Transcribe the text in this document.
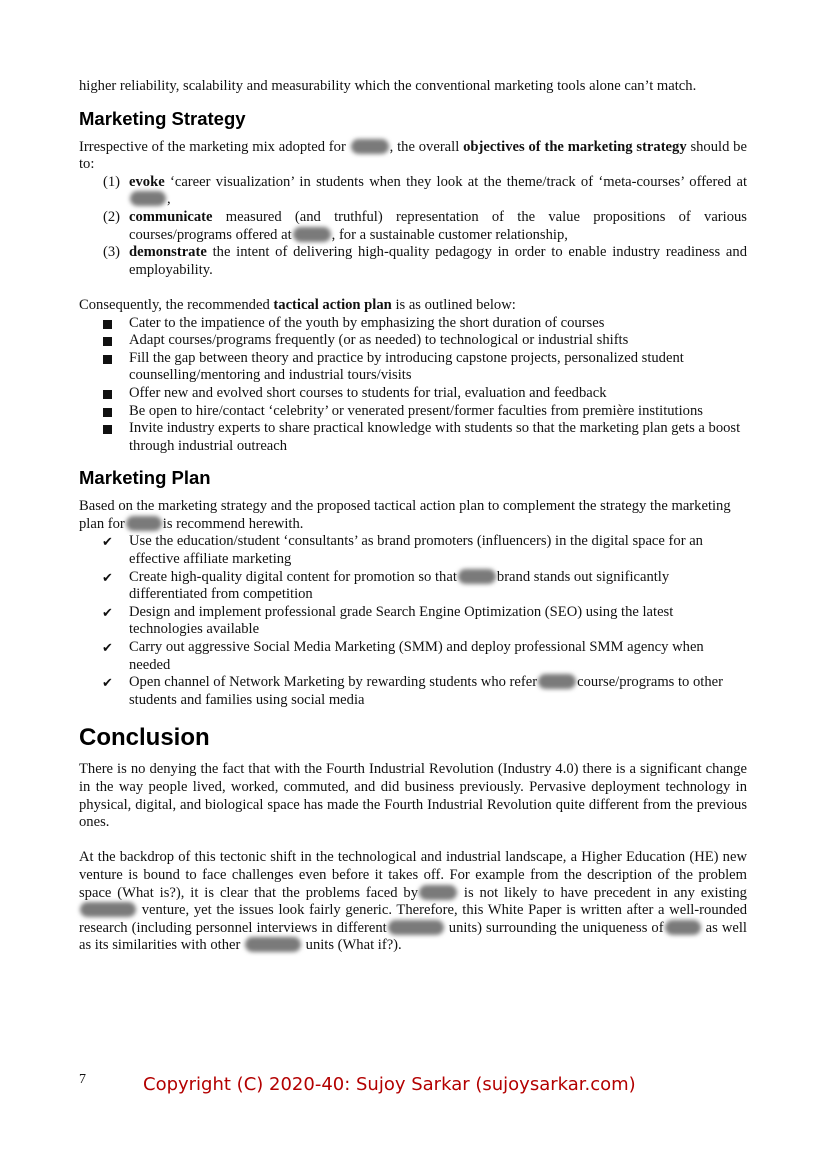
higher reliability, scalability and measurability which the conventional marketing tools alone can’t match.

Marketing Strategy

Irrespective of the marketing mix adopted for	, the overall objectives of the marketing strategy should be to:

(1) evoke ‘career visualization’ in students when they look at the theme/track of ‘meta-courses’ offered at,
(2) communicate measured (and truthful) representation of the value propositions of various courses/programs offered at	, for a sustainable customer relationship,
(3) demonstrate the intent of delivering high-quality pedagogy in order to enable industry readiness and employability.

Consequently, the recommended tactical action plan is as outlined below:

Cater to the impatience of the youth by emphasizing the short duration of courses
Adapt courses/programs frequently (or as needed) to technological or industrial shifts
Fill the gap between theory and practice by introducing capstone projects, personalized student counselling/mentoring and industrial tours/visits
Offer new and evolved short courses to students for trial, evaluation and feedback
Be open to hire/contact ‘celebrity’ or venerated present/former faculties from première institutions
Invite industry experts to share practical knowledge with students so that the marketing plan gets a boost through industrial outreach
Marketing Plan

Based on the marketing strategy and the proposed tactical action plan to complement the strategy the marketing plan for	is recommend herewith.

✔ Use the education/student ‘consultants’ as brand promoters (influencers) in the digital space for an effective affiliate marketing
✔ Create high-quality digital content for promotion so that	brand stands out significantly differentiated from competition
✔ Design and implement professional grade Search Engine Optimization (SEO) using the latest technologies available
✔ Carry out aggressive Social Media Marketing (SMM) and deploy professional SMM agency when needed
✔ Open channel of Network Marketing by rewarding students who refer	course/programs to other students and families using social media
Conclusion

There is no denying the fact that with the Fourth Industrial Revolution (Industry 4.0) there is a significant change in the way people lived, worked, commuted, and did business previously. Pervasive deployment technology in physical, digital, and biological space has made the Fourth Industrial Revolution quite different from the previous ones.

At the backdrop of this tectonic shift in the technological and industrial landscape, a Higher Education (HE) new venture is bound to face challenges even before it takes off. For example from the description of the problem space (What is?), it is clear that the problems faced by	is not likely to have precedent in any existing  venture, yet the issues look fairly generic. Therefore, this White Paper is written after a well-rounded research (including personnel interviews in different	units) surrounding the uniqueness of	as well as its similarities with other	units (What if?).

7	Copyright (C) 2020-40: Sujoy Sarkar (sujoysarkar.com)
